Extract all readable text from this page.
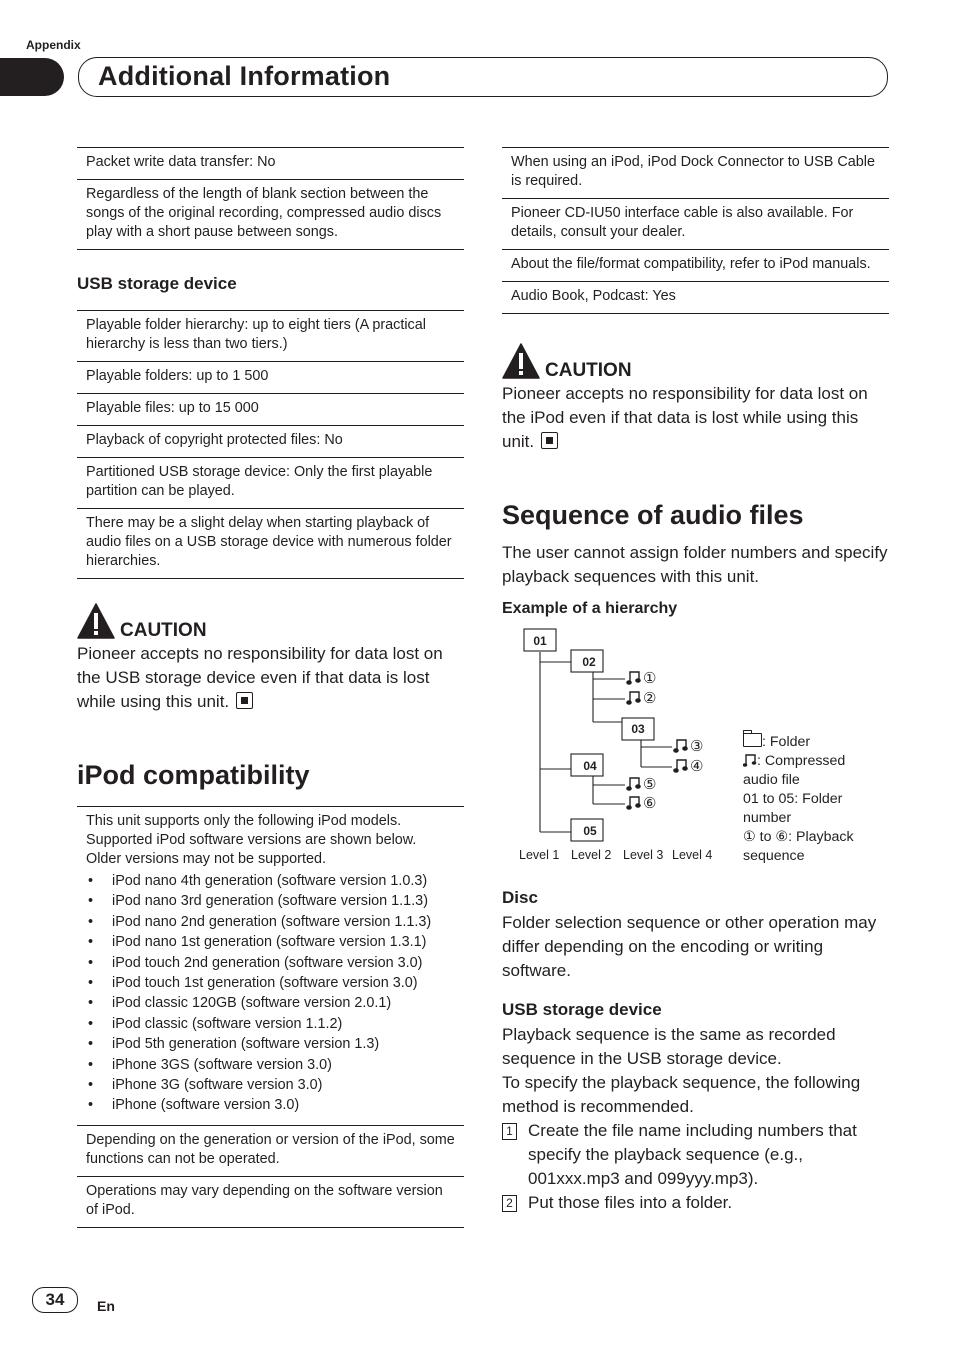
Appendix
Additional Information
Packet write data transfer: No
Regardless of the length of blank section between the songs of the original recording, compressed audio discs play with a short pause between songs.
USB storage device
Playable folder hierarchy: up to eight tiers (A practical hierarchy is less than two tiers.)
Playable folders: up to 1 500
Playable files: up to 15 000
Playback of copyright protected files: No
Partitioned USB storage device: Only the first playable partition can be played.
There may be a slight delay when starting playback of audio files on a USB storage device with numerous folder hierarchies.
CAUTION
Pioneer accepts no responsibility for data lost on the USB storage device even if that data is lost while using this unit.
iPod compatibility
This unit supports only the following iPod models. Supported iPod software versions are shown below. Older versions may not be supported.
• iPod nano 4th generation (software version 1.0.3)
• iPod nano 3rd generation (software version 1.1.3)
• iPod nano 2nd generation (software version 1.1.3)
• iPod nano 1st generation (software version 1.3.1)
• iPod touch 2nd generation (software version 3.0)
• iPod touch 1st generation (software version 3.0)
• iPod classic 120GB (software version 2.0.1)
• iPod classic (software version 1.1.2)
• iPod 5th generation (software version 1.3)
• iPhone 3GS (software version 3.0)
• iPhone 3G (software version 3.0)
• iPhone (software version 3.0)
Depending on the generation or version of the iPod, some functions can not be operated.
Operations may vary depending on the software version of iPod.
When using an iPod, iPod Dock Connector to USB Cable is required.
Pioneer CD-IU50 interface cable is also available. For details, consult your dealer.
About the file/format compatibility, refer to iPod manuals.
Audio Book, Podcast: Yes
CAUTION
Pioneer accepts no responsibility for data lost on the iPod even if that data is lost while using this unit.
Sequence of audio files
The user cannot assign folder numbers and specify playback sequences with this unit.
Example of a hierarchy
01
02
03
04
05
①
②
③
④
⑤
⑥
Level 1 Level 2 Level 3 Level 4
: Folder
: Compressed audio file
01 to 05: Folder number
① to ⑥: Playback sequence
Disc
Folder selection sequence or other operation may differ depending on the encoding or writing software.
USB storage device
Playback sequence is the same as recorded sequence in the USB storage device.
To specify the playback sequence, the following method is recommended.
1 Create the file name including numbers that specify the playback sequence (e.g., 001xxx.mp3 and 099yyy.mp3).
2 Put those files into a folder.
34	En
